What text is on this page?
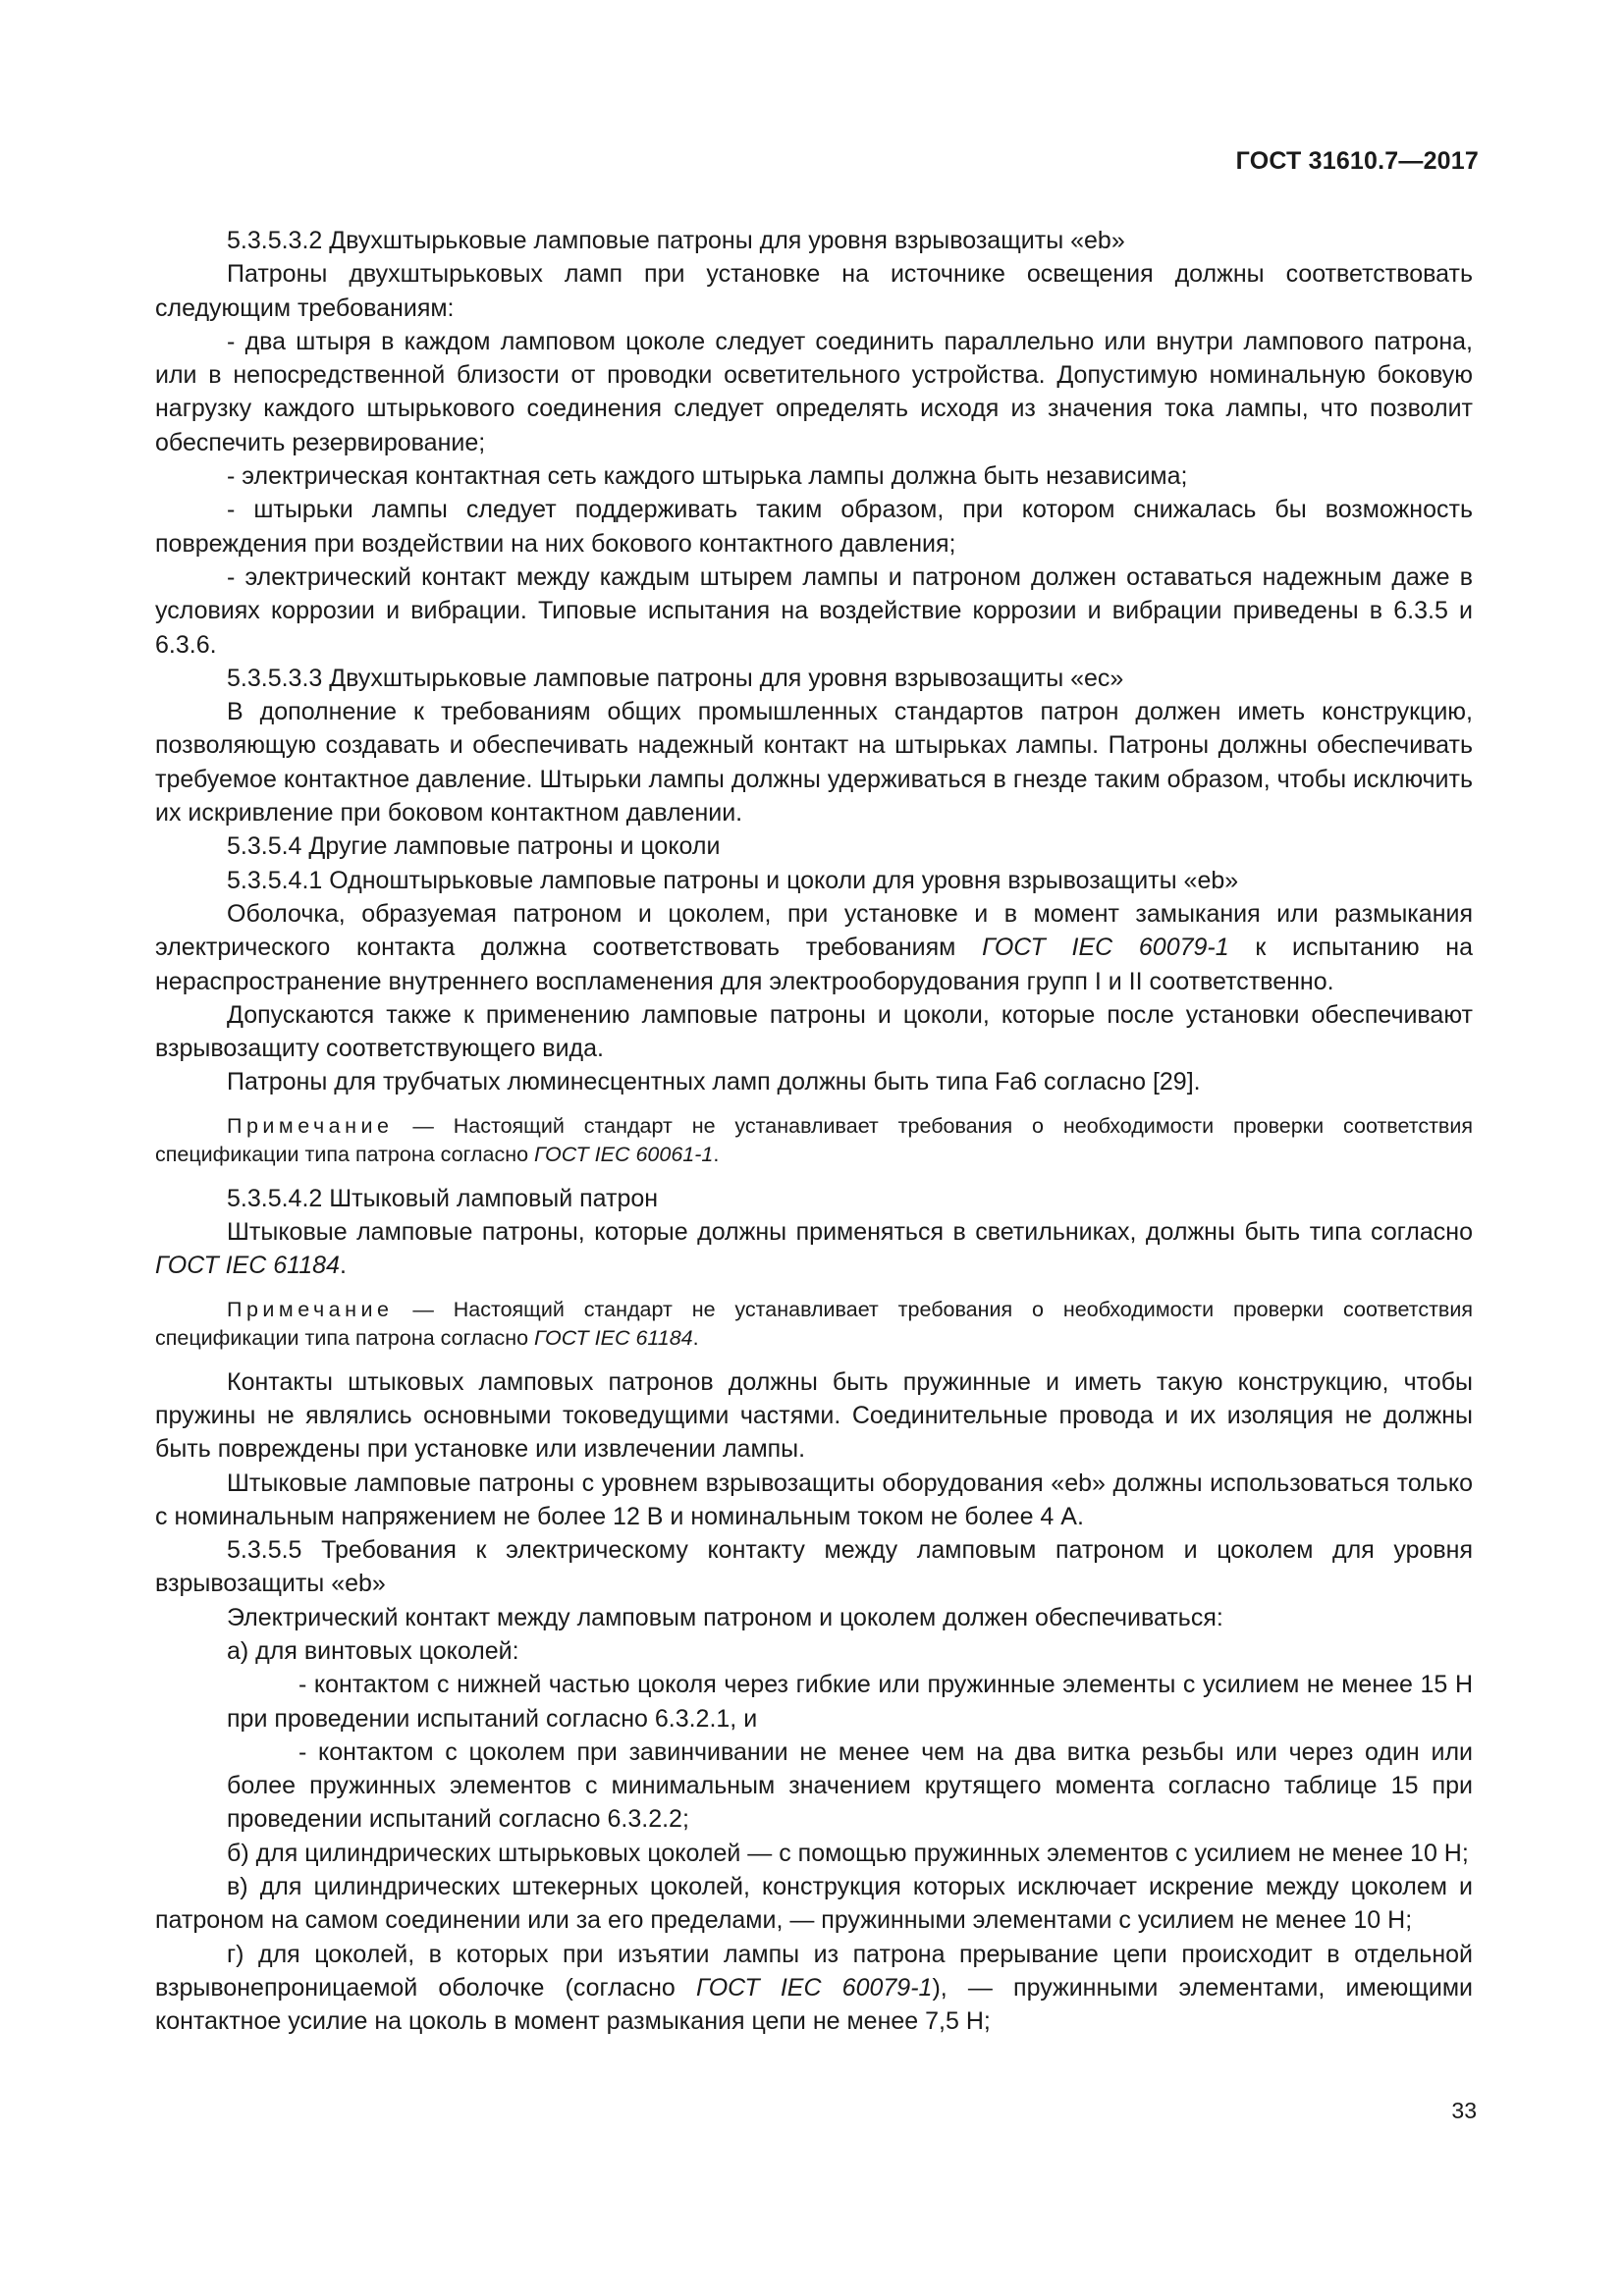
ГОСТ 31610.7—2017

5.3.5.3.2 Двухштырьковые ламповые патроны для уровня взрывозащиты «eb»

Патроны двухштырьковых ламп при установке на источнике освещения должны соответствовать следующим требованиям:

- два штыря в каждом ламповом цоколе следует соединить параллельно или внутри лампового патрона, или в непосредственной близости от проводки осветительного устройства. Допустимую номинальную боковую нагрузку каждого штырькового соединения следует определять исходя из значения тока лампы, что позволит обеспечить резервирование;

- электрическая контактная сеть каждого штырька лампы должна быть независима;

- штырьки лампы следует поддерживать таким образом, при котором снижалась бы возможность повреждения при воздействии на них бокового контактного давления;

- электрический контакт между каждым штырем лампы и патроном должен оставаться надежным даже в условиях коррозии и вибрации. Типовые испытания на воздействие коррозии и вибрации приведены в 6.3.5 и 6.3.6.

5.3.5.3.3 Двухштырьковые ламповые патроны для уровня взрывозащиты «ec»

В дополнение к требованиям общих промышленных стандартов патрон должен иметь конструкцию, позволяющую создавать и обеспечивать надежный контакт на штырьках лампы. Патроны должны обеспечивать требуемое контактное давление. Штырьки лампы должны удерживаться в гнезде таким образом, чтобы исключить их искривление при боковом контактном давлении.

5.3.5.4 Другие ламповые патроны и цоколи

5.3.5.4.1 Одноштырьковые ламповые патроны и цоколи для уровня взрывозащиты «eb»

Оболочка, образуемая патроном и цоколем, при установке и в момент замыкания или размыкания электрического контакта должна соответствовать требованиям ГОСТ IEC 60079-1 к испытанию на нераспространение внутреннего воспламенения для электрооборудования групп I и II соответственно.

Допускаются также к применению ламповые патроны и цоколи, которые после установки обеспечивают взрывозащиту соответствующего вида.

Патроны для трубчатых люминесцентных ламп должны быть типа Fa6 согласно [29].

Примечание — Настоящий стандарт не устанавливает требования о необходимости проверки соответствия спецификации типа патрона согласно ГОСТ IEC 60061-1.

5.3.5.4.2 Штыковый ламповый патрон

Штыковые ламповые патроны, которые должны применяться в светильниках, должны быть типа согласно ГОСТ IEC 61184.

Примечание — Настоящий стандарт не устанавливает требования о необходимости проверки соответствия спецификации типа патрона согласно ГОСТ IEC 61184.

Контакты штыковых ламповых патронов должны быть пружинные и иметь такую конструкцию, чтобы пружины не являлись основными токоведущими частями. Соединительные провода и их изоляция не должны быть повреждены при установке или извлечении лампы.

Штыковые ламповые патроны с уровнем взрывозащиты оборудования «eb» должны использоваться только с номинальным напряжением не более 12 В и номинальным током не более 4 А.

5.3.5.5 Требования к электрическому контакту между ламповым патроном и цоколем для уровня взрывозащиты «eb»

Электрический контакт между ламповым патроном и цоколем должен обеспечиваться:

а) для винтовых цоколей:

- контактом с нижней частью цоколя через гибкие или пружинные элементы с усилием не менее 15 Н при проведении испытаний согласно 6.3.2.1, и

- контактом с цоколем при завинчивании не менее чем на два витка резьбы или через один или более пружинных элементов с минимальным значением крутящего момента согласно таблице 15 при проведении испытаний согласно 6.3.2.2;

б) для цилиндрических штырьковых цоколей — с помощью пружинных элементов с усилием не менее 10 Н;

в) для цилиндрических штекерных цоколей, конструкция которых исключает искрение между цоколем и патроном на самом соединении или за его пределами, — пружинными элементами с усилием не менее 10 Н;

г) для цоколей, в которых при изъятии лампы из патрона прерывание цепи происходит в отдельной взрывонепроницаемой оболочке (согласно ГОСТ IEC 60079-1), — пружинными элементами, имеющими контактное усилие на цоколь в момент размыкания цепи не менее 7,5 Н;

33
